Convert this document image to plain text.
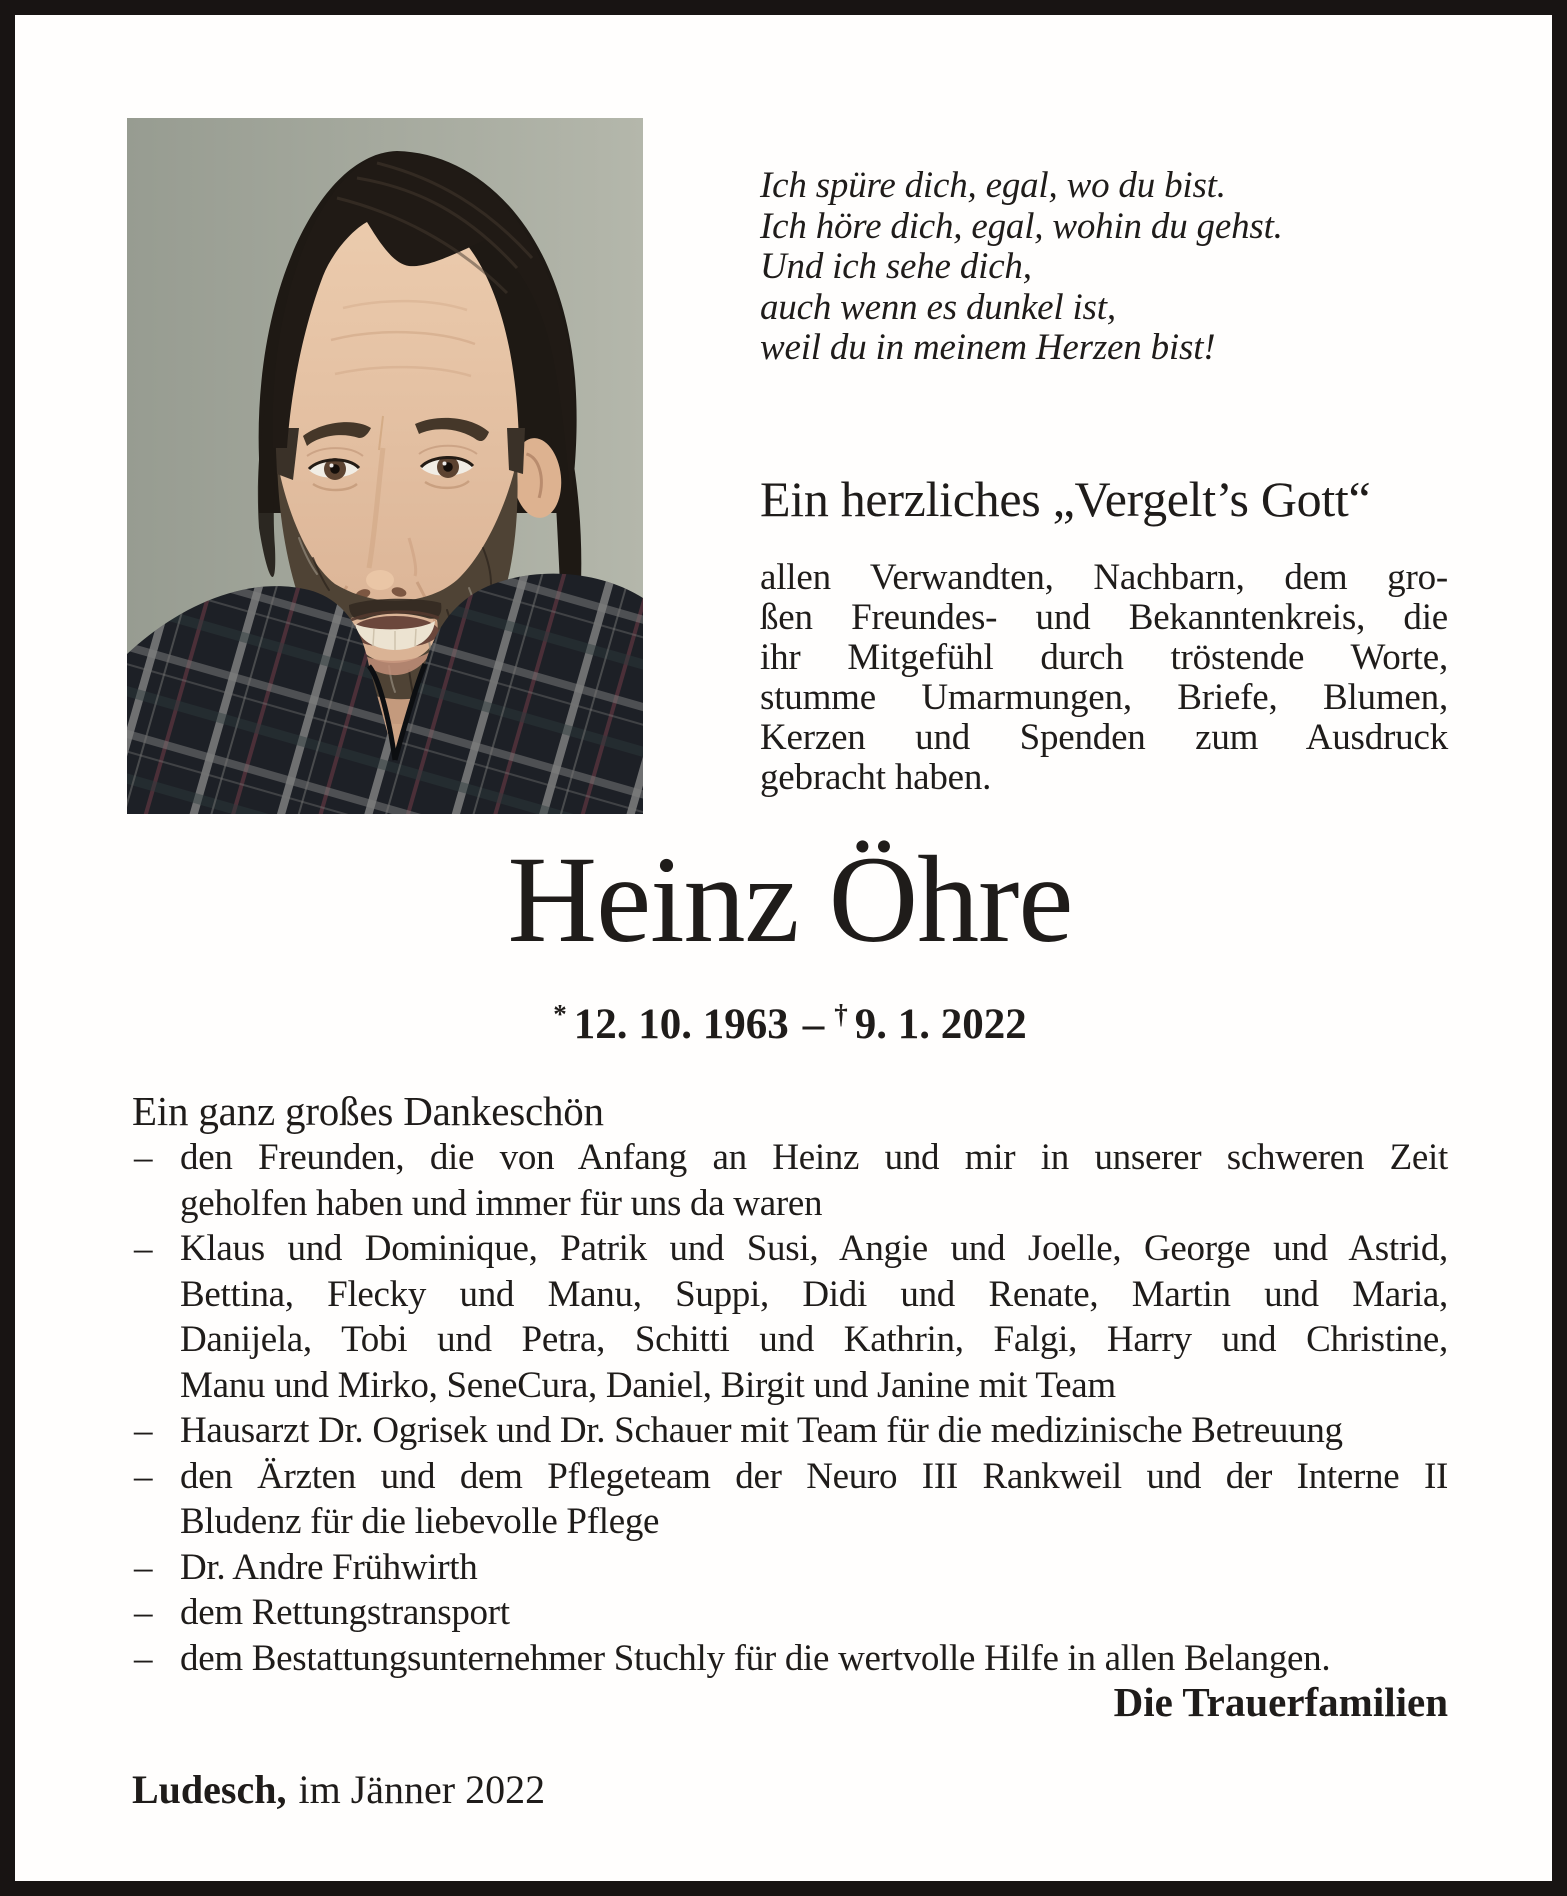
Ich spüre dich, egal, wo du bist.
Ich höre dich, egal, wohin du gehst.
Und ich sehe dich,
auch wenn es dunkel ist,
weil du in meinem Herzen bist!
Ein herzliches „Vergelt’s Gott“
allen Verwandten, Nachbarn, dem gro-
ßen Freundes- und Bekanntenkreis, die
ihr Mitgefühl durch tröstende Worte,
stumme Umarmungen, Briefe, Blumen,
Kerzen und Spenden zum Ausdruck
gebracht haben.
Heinz Öhre
* 12. 10. 1963 – † 9. 1. 2022
Ein ganz großes Dankeschön
– den Freunden, die von Anfang an Heinz und mir in unserer schweren Zeit
geholfen haben und immer für uns da waren
– Klaus und Dominique, Patrik und Susi, Angie und Joelle, George und Astrid,
Bettina, Flecky und Manu, Suppi, Didi und Renate, Martin und Maria,
Danijela, Tobi und Petra, Schitti und Kathrin, Falgi, Harry und Christine,
Manu und Mirko, SeneCura, Daniel, Birgit und Janine mit Team
– Hausarzt Dr. Ogrisek und Dr. Schauer mit Team für die medizinische Betreuung
– den Ärzten und dem Pflegeteam der Neuro III Rankweil und der Interne II
Bludenz für die liebevolle Pflege
– Dr. Andre Frühwirth
– dem Rettungstransport
– dem Bestattungsunternehmer Stuchly für die wertvolle Hilfe in allen Belangen.
Die Trauerfamilien
Ludesch, im Jänner 2022
